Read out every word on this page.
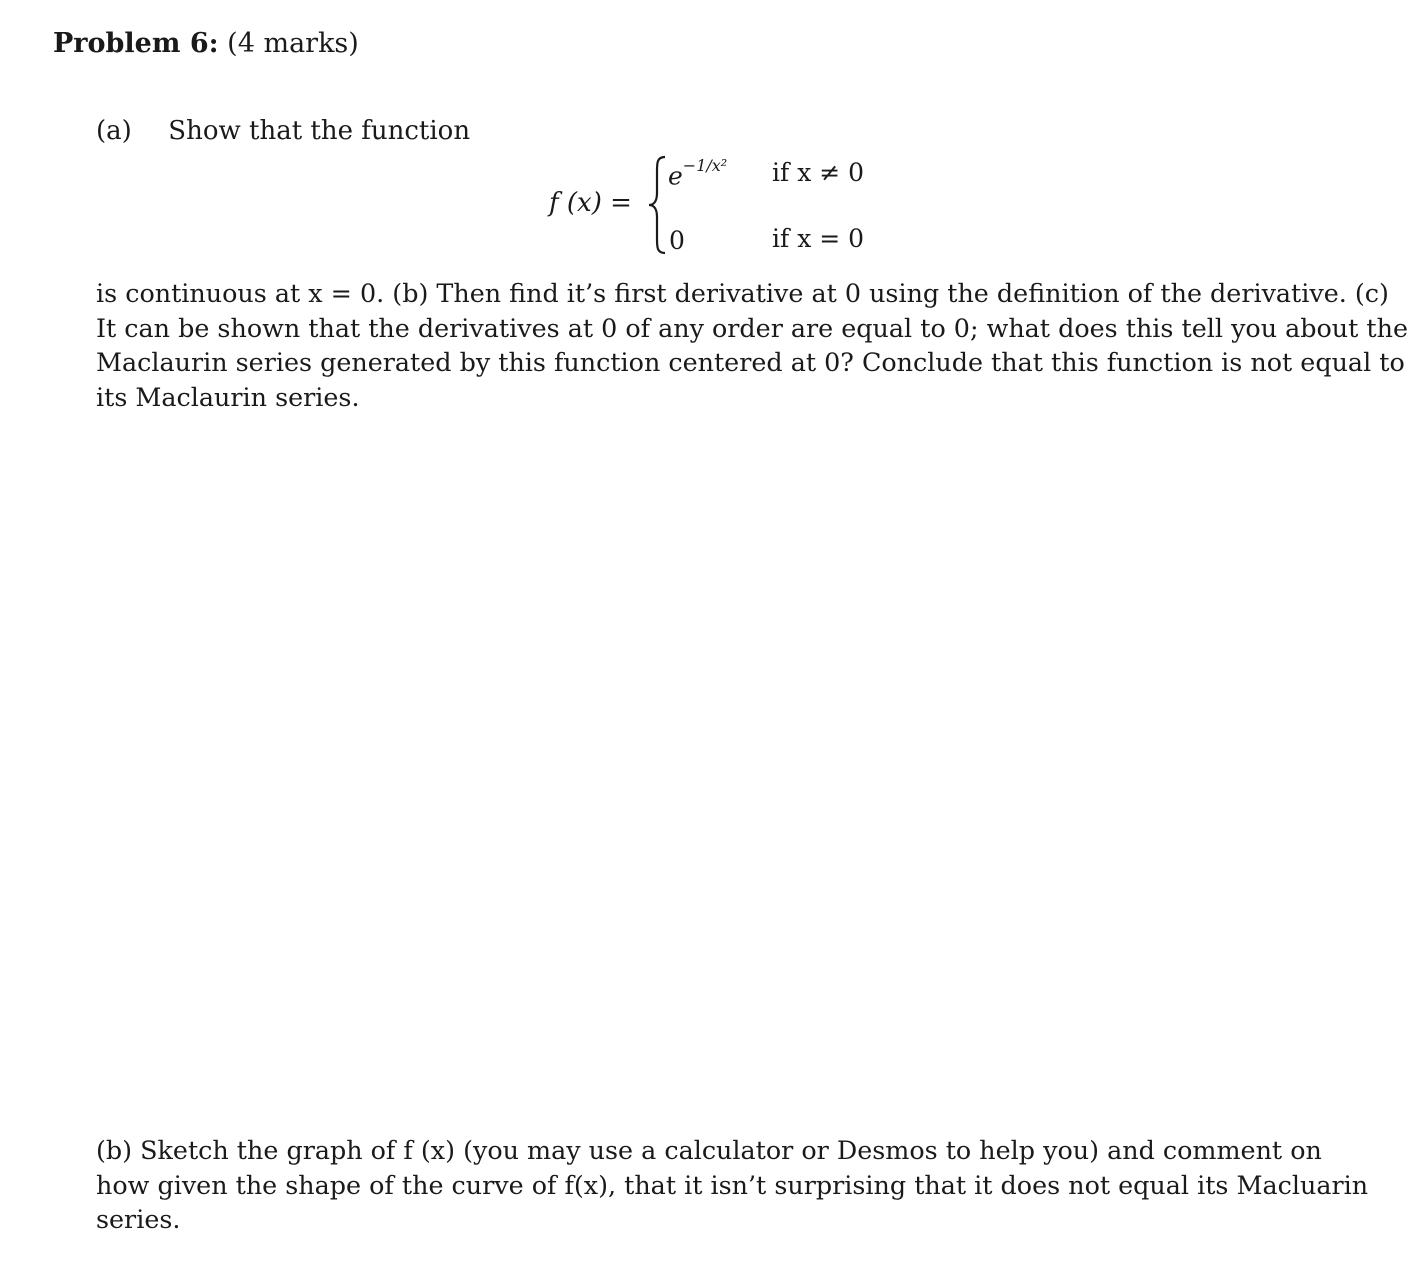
Problem 6: (4 marks)
(a) Show that the function
f (x) =
$e^{-1/x^2}$ if x ≠ 0
0	if x = 0
is continuous at x = 0. (b) Then find it’s first derivative at 0 using the definition of the derivative. (c)
It can be shown that the derivatives at 0 of any order are equal to 0; what does this tell you about the
Maclaurin series generated by this function centered at 0? Conclude that this function is not equal to
its Maclaurin series.
(b) Sketch the graph of f (x) (you may use a calculator or Desmos to help you) and comment on
how given the shape of the curve of f(x), that it isn’t surprising that it does not equal its Macluarin
series.
